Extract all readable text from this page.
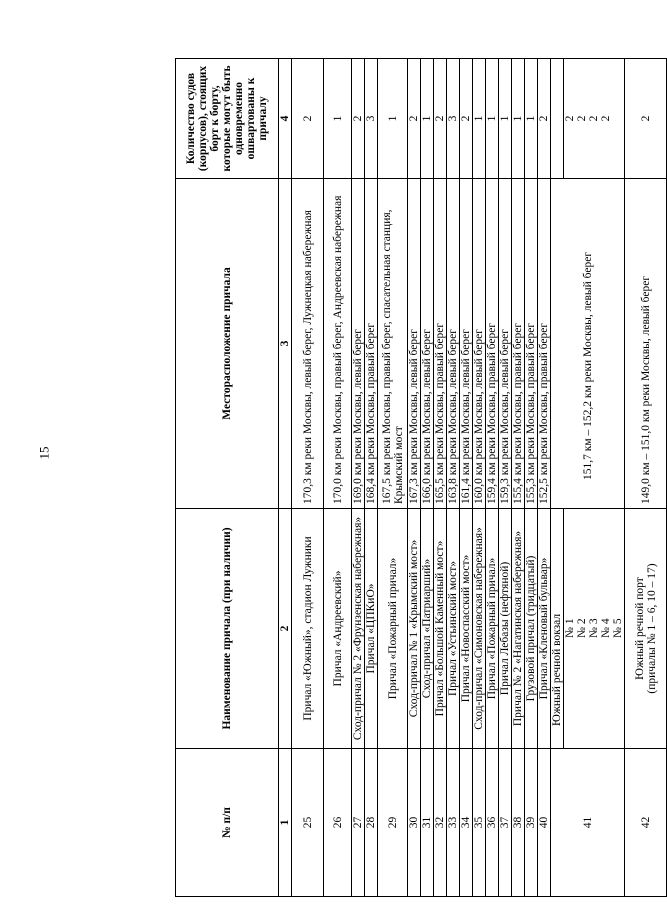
15
№ п/п	Наименование причала (при наличии)	Месторасположение причала	Количество судов (корпусов), стоящих борт к борту, которые могут быть одновременно ошвартованы к причалу
1	2	3	4
25	Причал «Южный», стадион Лужники	170,3 км реки Москвы, левый берег, Лужнецкая набережная	2
26	Причал «Андреевский»	170,0 км реки Москвы, правый берег, Андреевская набережная	1
27	Сход-причал № 2 «Фрунзенская набережная»	169,0 км реки Москвы, левый берег	2
28	Причал «ЦПКиО»	168,4 км реки Москвы, правый берег	3
29	Причал «Пожарный причал»	167,5 км реки Москвы, правый берег, спасательная станция, Крымский мост	1
30	Сход-причал № 1 «Крымский мост»	167,3 км реки Москвы, левый берег	2
31	Сход-причал «Патриарший»	166,0 км реки Москвы, левый берег	1
32	Причал «Большой Каменный мост»	165,5 км реки Москвы, правый берег	2
33	Причал «Устьинский мост»	163,8 км реки Москвы, левый берег	3
34	Причал «Новоспасский мост»	161,4 км реки Москвы, левый берег	2
35	Сход-причал «Симоновская набережная»	160,0 км реки Москвы, левый берег	1
36	Причал «Пожарный причал»	159,4 км реки Москвы, правый берег	1
37	Причал Лебазы (нефтяной)	159,3 км реки Москвы, левый берег	1
38	Причал № 2 «Нагатинская набережная»	155,4 км реки Москвы, правый берег	1
39	Грузовой причал (тридцатый)	155,3 км реки Москвы, правый берег	1
40	Причал «Кленовый бульвар»	152,5 км реки Москвы, правый берег	2
41	Южный речной вокзал	151,7 км – 152,2 км реки Москвы, левый берег	
	№ 1		2
	№ 2		2
	№ 3		2
	№ 4		2
	№ 5		
42	Южный речной порт (причалы № 1 – 6, 10 – 17)	149,0 км – 151,0 км реки Москвы, левый берег	2
